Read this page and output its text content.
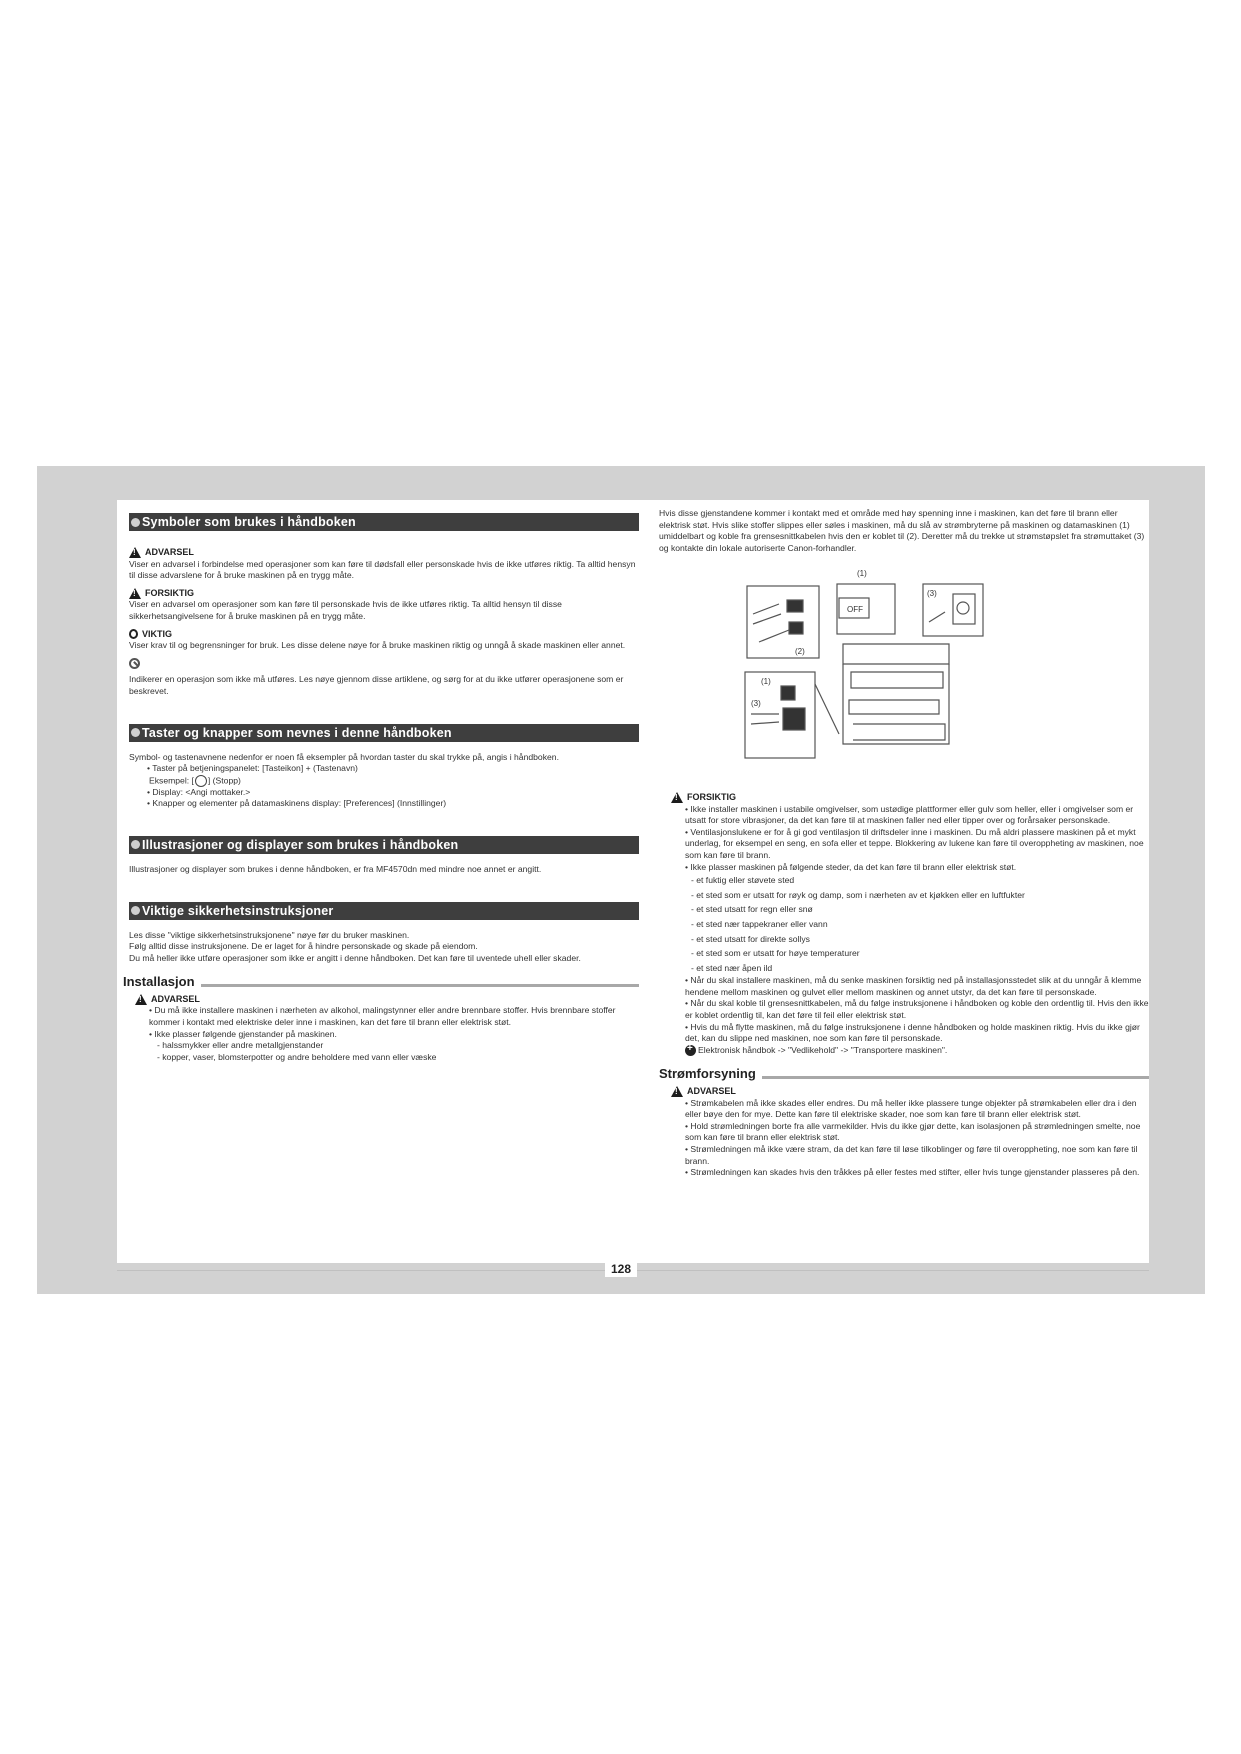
Symboler som brukes i håndboken
!
ADVARSEL

Viser en advarsel i forbindelse med operasjoner som kan føre til dødsfall eller personskade hvis de ikke utføres riktig. Ta alltid hensyn til disse advarslene for å bruke maskinen på en trygg måte.

!
FORSIKTIG

Viser en advarsel om operasjoner som kan føre til personskade hvis de ikke utføres riktig. Ta alltid hensyn til disse sikkerhetsangivelsene for å bruke maskinen på en trygg måte.

VIKTIG

Viser krav til og begrensninger for bruk. Les disse delene nøye for å bruke maskinen riktig og unngå å skade maskinen eller annet.

Indikerer en operasjon som ikke må utføres. Les nøye gjennom disse artiklene, og sørg for at du ikke utfører operasjonene som er beskrevet.

Taster og knapper som nevnes i denne håndboken

Symbol- og tastenavnene nedenfor er noen få eksempler på hvordan taster du skal trykke på, angis i håndboken.

• Taster på betjeningspanelet: [Tasteikon] + (Tastenavn)

Eksempel: [ ] (Stopp)

• Display: <Angi mottaker.>

• Knapper og elementer på datamaskinens display: [Preferences] (Innstillinger)

Illustrasjoner og displayer som brukes i håndboken

Illustrasjoner og displayer som brukes i denne håndboken, er fra MF4570dn med mindre noe annet er angitt.

Viktige sikkerhetsinstruksjoner

Les disse "viktige sikkerhetsinstruksjonene" nøye før du bruker maskinen.

Følg alltid disse instruksjonene. De er laget for å hindre personskade og skade på eiendom.

Du må heller ikke utføre operasjoner som ikke er angitt i denne håndboken. Det kan føre til uventede uhell eller skader.

Installasjon
!
ADVARSEL

• Du må ikke installere maskinen i nærheten av alkohol, malingstynner eller andre brennbare stoffer. Hvis brennbare stoffer kommer i kontakt med elektriske deler inne i maskinen, kan det føre til brann eller elektrisk støt.

• Ikke plasser følgende gjenstander på maskinen.

- halssmykker eller andre metallgjenstander

- kopper, vaser, blomsterpotter og andre beholdere med vann eller væske

Hvis disse gjenstandene kommer i kontakt med et område med høy spenning inne i maskinen, kan det føre til brann eller elektrisk støt. Hvis slike stoffer slippes eller søles i maskinen, må du slå av strømbryterne på maskinen og datamaskinen (1) umiddelbart og koble fra grensesnittkabelen hvis den er koblet til (2). Deretter må du trekke ut strømstøpslet fra strømuttaket (3) og kontakte din lokale autoriserte Canon-forhandler.

(1)
OFF
(3)
(2)
(1)
(3)
!
FORSIKTIG

• Ikke installer maskinen i ustabile omgivelser, som ustødige plattformer eller gulv som heller, eller i omgivelser som er utsatt for store vibrasjoner, da det kan føre til at maskinen faller ned eller tipper over og forårsaker personskade.

• Ventilasjonslukene er for å gi god ventilasjon til driftsdeler inne i maskinen. Du må aldri plassere maskinen på et mykt underlag, for eksempel en seng, en sofa eller et teppe. Blokkering av lukene kan føre til overoppheting av maskinen, noe som kan føre til brann.

• Ikke plasser maskinen på følgende steder, da det kan føre til brann eller elektrisk støt.

- et fuktig eller støvete sted

- et sted som er utsatt for røyk og damp, som i nærheten av et kjøkken eller en luftfukter

- et sted utsatt for regn eller snø

- et sted nær tappekraner eller vann

- et sted utsatt for direkte sollys

- et sted som er utsatt for høye temperaturer

- et sted nær åpen ild

• Når du skal installere maskinen, må du senke maskinen forsiktig ned på installasjonsstedet slik at du unngår å klemme hendene mellom maskinen og gulvet eller mellom maskinen og annet utstyr, da det kan føre til personskade.

• Når du skal koble til grensesnittkabelen, må du følge instruksjonene i håndboken og koble den ordentlig til. Hvis den ikke er koblet ordentlig til, kan det føre til feil eller elektrisk støt.

• Hvis du må flytte maskinen, må du følge instruksjonene i denne håndboken og holde maskinen riktig. Hvis du ikke gjør det, kan du slippe ned maskinen, noe som kan føre til personskade.

+Elektronisk håndbok -> "Vedlikehold" -> "Transportere maskinen".

Strømforsyning
!
ADVARSEL

• Strømkabelen må ikke skades eller endres. Du må heller ikke plassere tunge objekter på strømkabelen eller dra i den eller bøye den for mye. Dette kan føre til elektriske skader, noe som kan føre til brann eller elektrisk støt.

• Hold strømledningen borte fra alle varmekilder. Hvis du ikke gjør dette, kan isolasjonen på strømledningen smelte, noe som kan føre til brann eller elektrisk støt.

• Strømledningen må ikke være stram, da det kan føre til løse tilkoblinger og føre til overoppheting, noe som kan føre til brann.

• Strømledningen kan skades hvis den tråkkes på eller festes med stifter, eller hvis tunge gjenstander plasseres på den.

128
